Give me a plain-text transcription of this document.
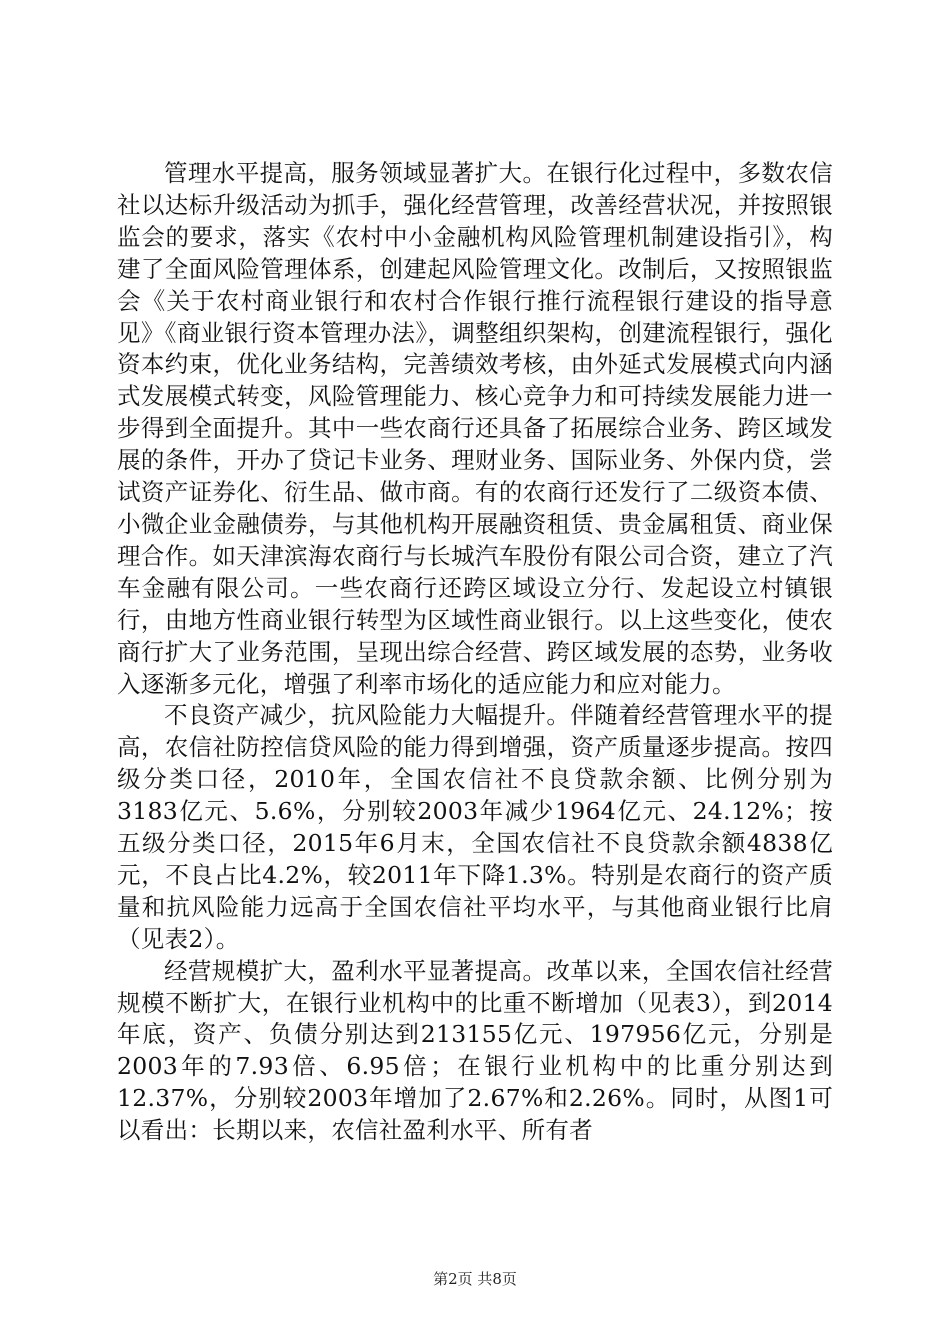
管理水平提高，服务领域显著扩大。在银行化过程中，多数农信社以达标升级活动为抓手，强化经营管理，改善经营状况，并按照银监会的要求，落实《农村中小金融机构风险管理机制建设指引》，构建了全面风险管理体系，创建起风险管理文化。改制后，又按照银监会《关于农村商业银行和农村合作银行推行流程银行建设的指导意见》《商业银行资本管理办法》，调整组织架构，创建流程银行，强化资本约束，优化业务结构，完善绩效考核，由外延式发展模式向内涵式发展模式转变，风险管理能力、核心竞争力和可持续发展能力进一步得到全面提升。其中一些农商行还具备了拓展综合业务、跨区域发展的条件，开办了贷记卡业务、理财业务、国际业务、外保内贷，尝试资产证券化、衍生品、做市商。有的农商行还发行了二级资本债、小微企业金融债券，与其他机构开展融资租赁、贵金属租赁、商业保理合作。如天津滨海农商行与长城汽车股份有限公司合资，建立了汽车金融有限公司。一些农商行还跨区域设立分行、发起设立村镇银行，由地方性商业银行转型为区域性商业银行。以上这些变化，使农商行扩大了业务范围，呈现出综合经营、跨区域发展的态势，业务收入逐渐多元化，增强了利率市场化的适应能力和应对能力。

不良资产减少，抗风险能力大幅提升。伴随着经营管理水平的提高，农信社防控信贷风险的能力得到增强，资产质量逐步提高。按四级分类口径，2010年，全国农信社不良贷款余额、比例分别为3183亿元、5.6%，分别较2003年减少1964亿元、24.12%；按五级分类口径，2015年6月末，全国农信社不良贷款余额4838亿元，不良占比4.2%，较2011年下降1.3%。特别是农商行的资产质量和抗风险能力远高于全国农信社平均水平，与其他商业银行比肩（见表2）。

经营规模扩大，盈利水平显著提高。改革以来，全国农信社经营规模不断扩大，在银行业机构中的比重不断增加（见表3），到2014年底，资产、负债分别达到213155亿元、197956亿元，分别是2003年的7.93倍、6.95倍；在银行业机构中的比重分别达到12.37%，分别较2003年增加了2.67%和2.26%。同时，从图1可以看出：长期以来，农信社盈利水平、所有者

第2页 共8页
